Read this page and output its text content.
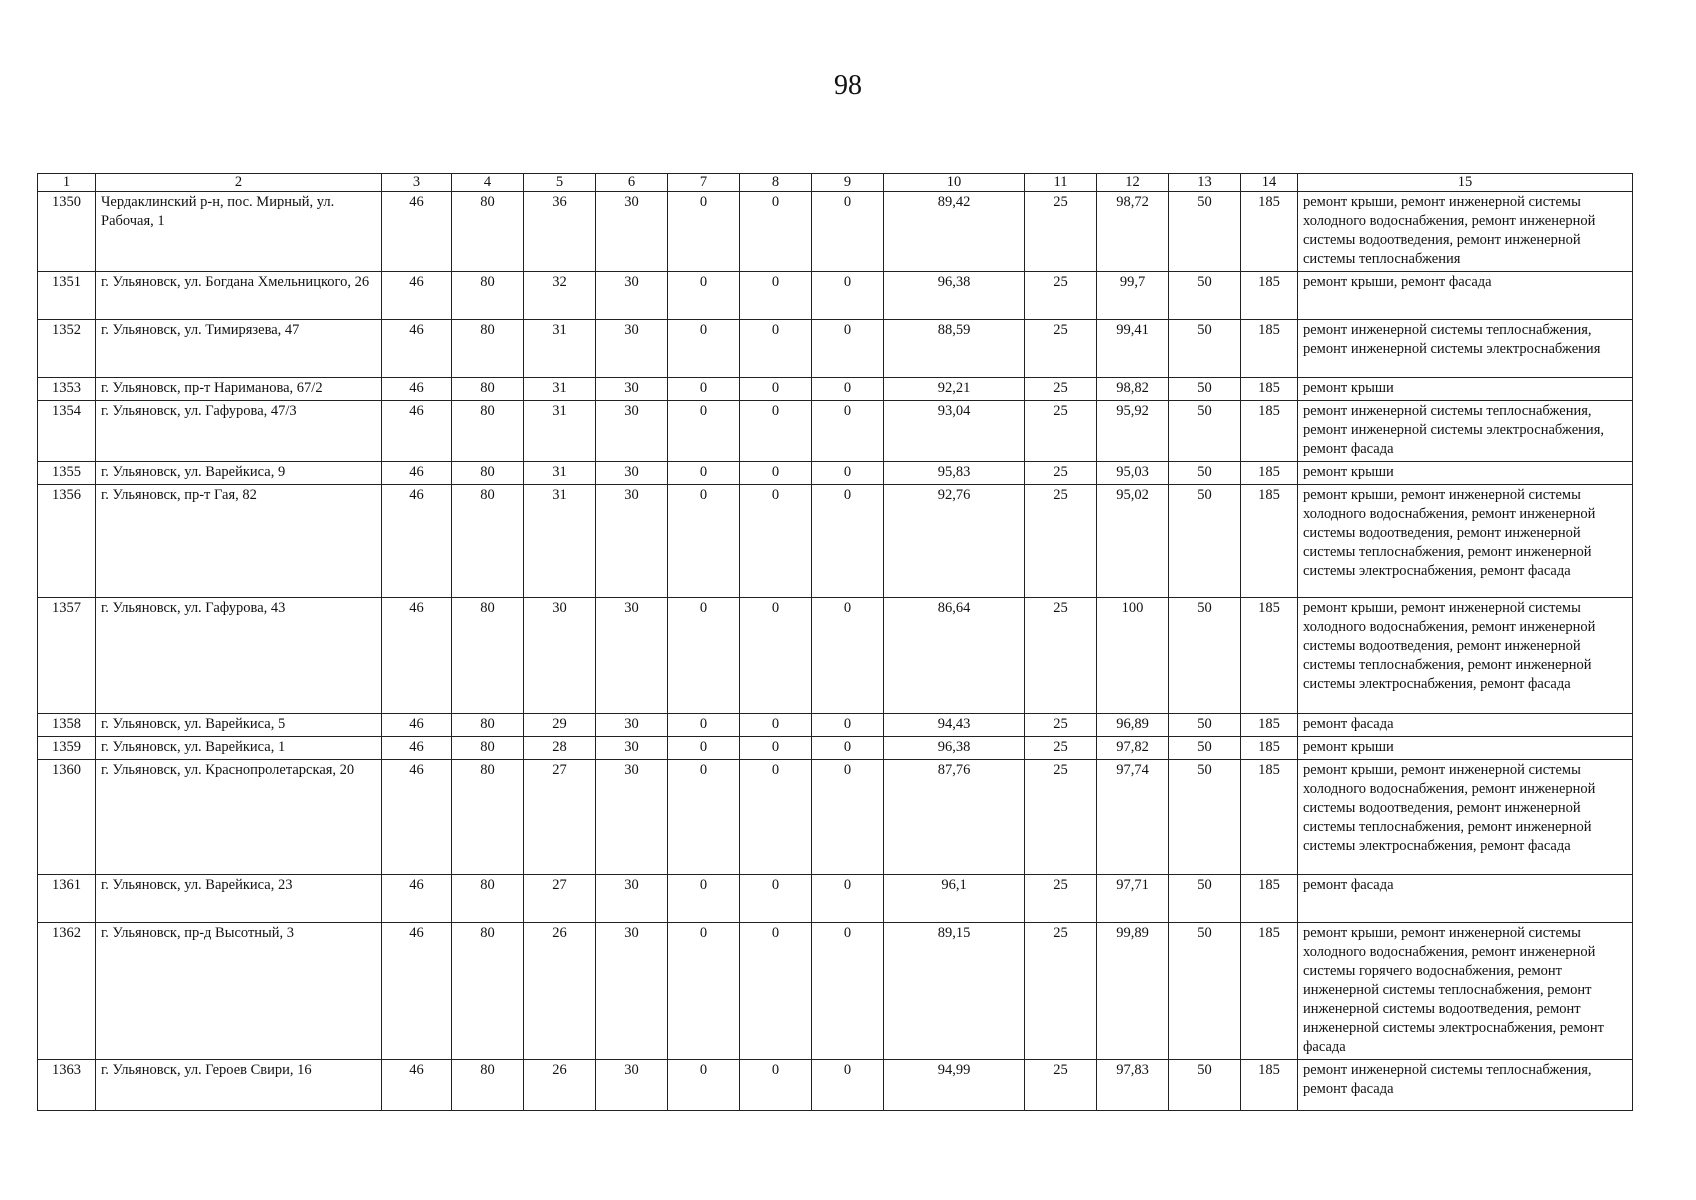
98
1	2	3	4	5	6	7	8	9	10	11	12	13	14	15
1350	Чердаклинский р-н, пос. Мирный, ул. Рабочая, 1	46	80	36	30	0	0	0	89,42	25	98,72	50	185	ремонт крыши, ремонт инженерной системы холодного водоснабжения, ремонт инженерной системы водоотведения, ремонт инженерной системы теплоснабжения
1351	г. Ульяновск, ул. Богдана Хмельницкого, 26	46	80	32	30	0	0	0	96,38	25	99,7	50	185	ремонт крыши, ремонт фасада
1352	г. Ульяновск, ул. Тимирязева, 47	46	80	31	30	0	0	0	88,59	25	99,41	50	185	ремонт инженерной системы теплоснабжения, ремонт инженерной системы электроснабжения
1353	г. Ульяновск, пр-т Нариманова, 67/2	46	80	31	30	0	0	0	92,21	25	98,82	50	185	ремонт крыши
1354	г. Ульяновск, ул. Гафурова, 47/3	46	80	31	30	0	0	0	93,04	25	95,92	50	185	ремонт инженерной системы теплоснабжения, ремонт инженерной системы электроснабжения, ремонт фасада
1355	г. Ульяновск, ул. Варейкиса, 9	46	80	31	30	0	0	0	95,83	25	95,03	50	185	ремонт крыши
1356	г. Ульяновск, пр-т Гая, 82	46	80	31	30	0	0	0	92,76	25	95,02	50	185	ремонт крыши, ремонт инженерной системы холодного водоснабжения, ремонт инженерной системы водоотведения, ремонт инженерной системы теплоснабжения, ремонт инженерной системы электроснабжения, ремонт фасада
1357	г. Ульяновск, ул. Гафурова, 43	46	80	30	30	0	0	0	86,64	25	100	50	185	ремонт крыши, ремонт инженерной системы холодного водоснабжения, ремонт инженерной системы водоотведения, ремонт инженерной системы теплоснабжения, ремонт инженерной системы электроснабжения, ремонт фасада
1358	г. Ульяновск, ул. Варейкиса, 5	46	80	29	30	0	0	0	94,43	25	96,89	50	185	ремонт фасада
1359	г. Ульяновск, ул. Варейкиса, 1	46	80	28	30	0	0	0	96,38	25	97,82	50	185	ремонт крыши
1360	г. Ульяновск, ул. Краснопролетарская, 20	46	80	27	30	0	0	0	87,76	25	97,74	50	185	ремонт крыши, ремонт инженерной системы холодного водоснабжения, ремонт инженерной системы водоотведения, ремонт инженерной системы теплоснабжения, ремонт инженерной системы электроснабжения, ремонт фасада
1361	г. Ульяновск, ул. Варейкиса, 23	46	80	27	30	0	0	0	96,1	25	97,71	50	185	ремонт фасада
1362	г. Ульяновск, пр-д Высотный, 3	46	80	26	30	0	0	0	89,15	25	99,89	50	185	ремонт крыши, ремонт инженерной системы холодного водоснабжения, ремонт инженерной системы горячего водоснабжения, ремонт инженерной системы теплоснабжения, ремонт инженерной системы водоотведения, ремонт инженерной системы электроснабжения, ремонт фасада
1363	г. Ульяновск, ул. Героев Свири, 16	46	80	26	30	0	0	0	94,99	25	97,83	50	185	ремонт инженерной системы теплоснабжения, ремонт фасада
